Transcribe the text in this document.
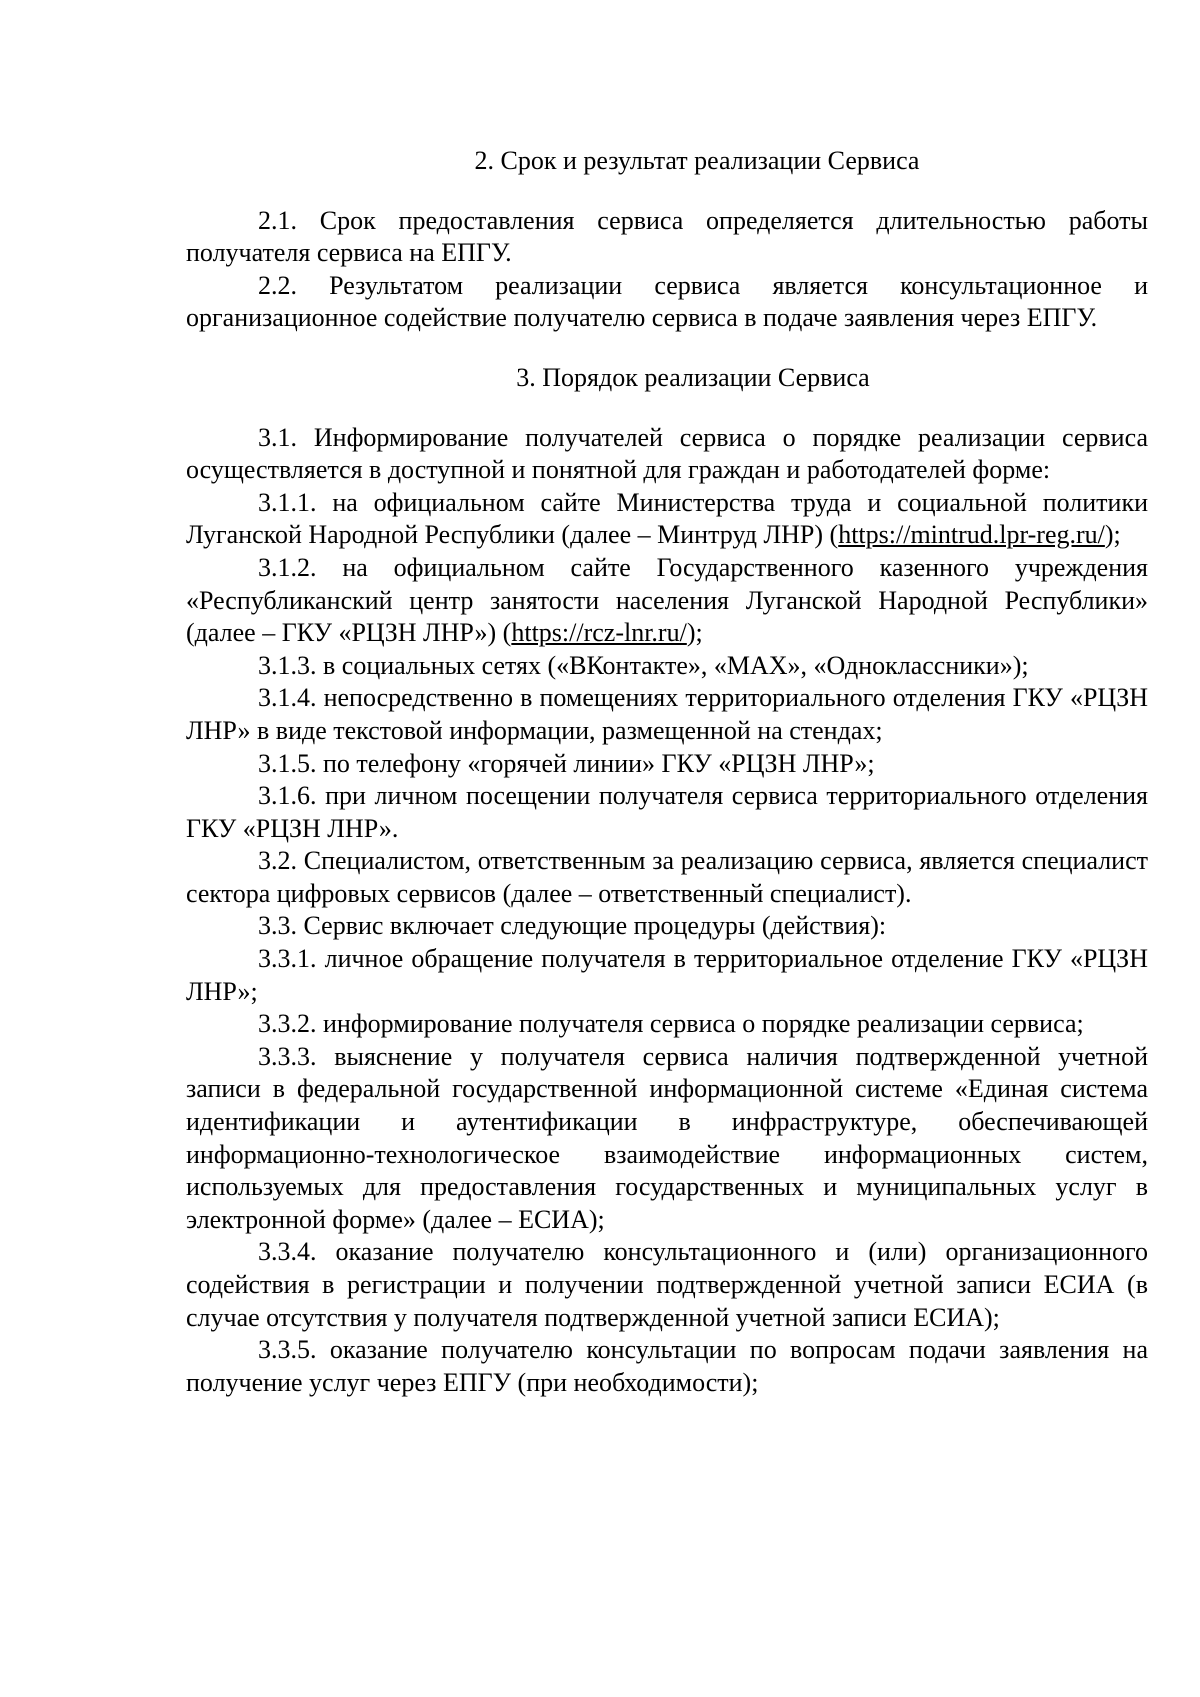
2. Срок и результат реализации Сервиса

2.1. Срок предоставления сервиса определяется длительностью работы получателя сервиса на ЕПГУ.

2.2. Результатом реализации сервиса является консультационное и организационное содействие получателю сервиса в подаче заявления через ЕПГУ.

3. Порядок реализации Сервиса

3.1. Информирование получателей сервиса о порядке реализации сервиса осуществляется в доступной и понятной для граждан и работодателей форме:

3.1.1. на официальном сайте Министерства труда и социальной политики Луганской Народной Республики (далее – Минтруд ЛНР) (https://mintrud.lpr-reg.ru/);

3.1.2. на официальном сайте Государственного казенного учреждения «Республиканский центр занятости населения Луганской Народной Республики» (далее – ГКУ «РЦЗН ЛНР») (https://rcz-lnr.ru/);

3.1.3. в социальных сетях («ВКонтакте», «МАХ», «Одноклассники»);

3.1.4. непосредственно в помещениях территориального отделения ГКУ «РЦЗН ЛНР» в виде текстовой информации, размещенной на стендах;

3.1.5. по телефону «горячей линии» ГКУ «РЦЗН ЛНР»;

3.1.6. при личном посещении получателя сервиса территориального отделения ГКУ «РЦЗН ЛНР».

3.2. Специалистом, ответственным за реализацию сервиса, является специалист сектора цифровых сервисов (далее – ответственный специалист).

3.3. Сервис включает следующие процедуры (действия):

3.3.1. личное обращение получателя в территориальное отделение ГКУ «РЦЗН ЛНР»;

3.3.2. информирование получателя сервиса о порядке реализации сервиса;

3.3.3. выяснение у получателя сервиса наличия подтвержденной учетной записи в федеральной государственной информационной системе «Единая система идентификации и аутентификации в инфраструктуре, обеспечивающей информационно-технологическое взаимодействие информационных систем, используемых для предоставления государственных и муниципальных услуг в электронной форме» (далее – ЕСИА);

3.3.4. оказание получателю консультационного и (или) организационного содействия в регистрации и получении подтвержденной учетной записи ЕСИА (в случае отсутствия у получателя подтвержденной учетной записи ЕСИА);

3.3.5. оказание получателю консультации по вопросам подачи заявления на получение услуг через ЕПГУ (при необходимости);
